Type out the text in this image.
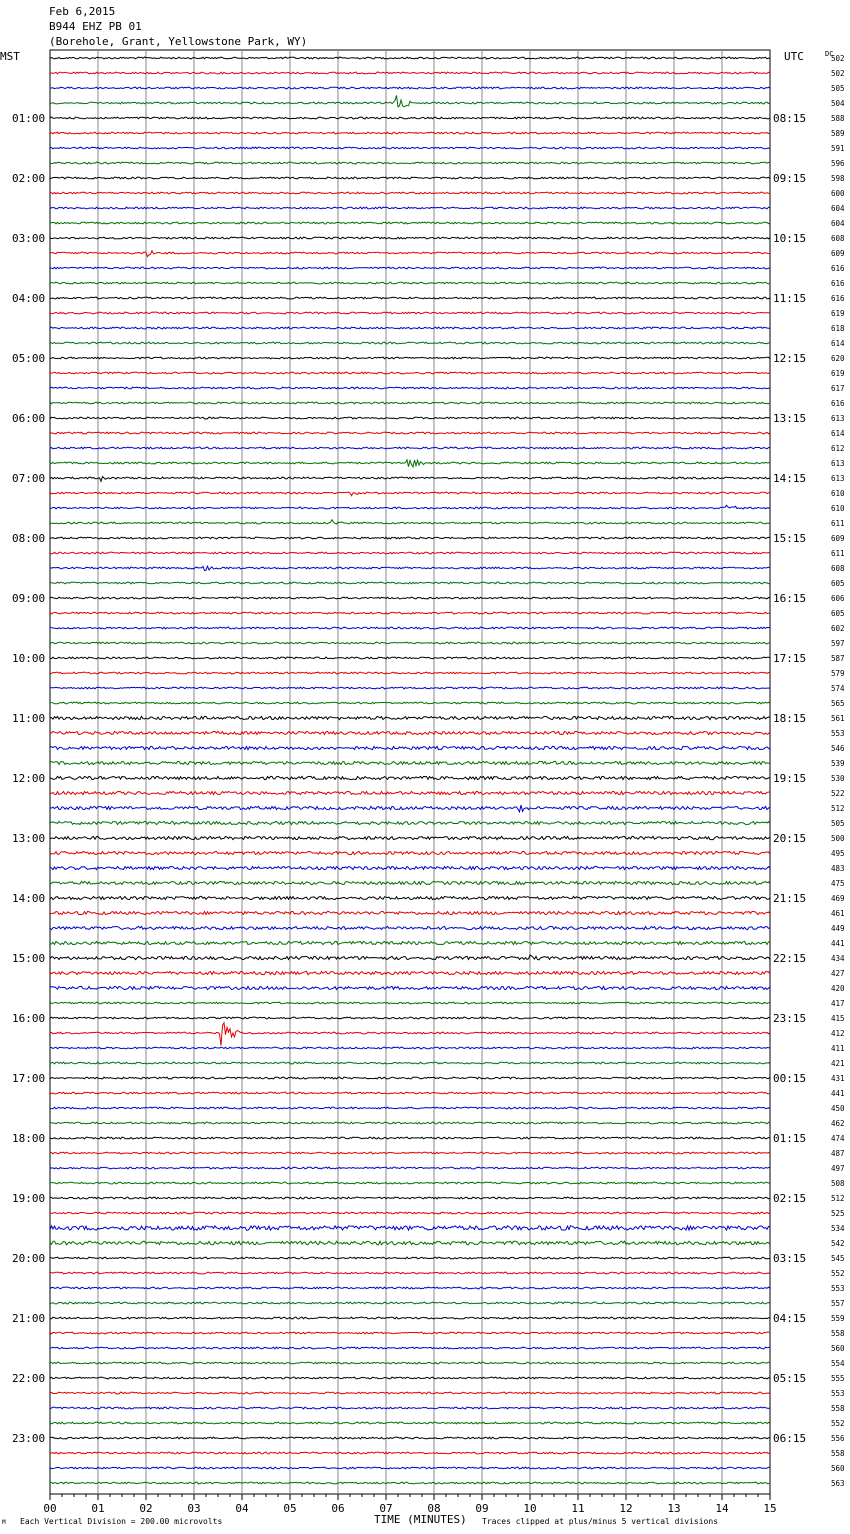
Feb 6,2015
B944 EHZ PB 01
(Borehole, Grant, Yellowstone Park, WY)
01:00
02:00
03:00
04:00
05:00
06:00
07:00
08:00
09:00
10:00
11:00
12:00
13:00
14:00
15:00
16:00
17:00
18:00
19:00
20:00
21:00
22:00
23:00
08:15
09:15
10:15
11:15
12:15
13:15
14:15
15:15
16:15
17:15
18:15
19:15
20:15
21:15
22:15
23:15
00:15
01:15
02:15
03:15
04:15
05:15
06:15
502
502
505
504
588
589
591
596
598
600
604
604
608
609
616
616
616
619
618
614
620
619
617
616
613
614
612
613
613
610
610
611
609
611
608
605
606
605
602
597
587
579
574
565
561
553
546
539
530
522
512
505
500
495
483
475
469
461
449
441
434
427
420
417
415
412
411
421
431
441
450
462
474
487
497
508
512
525
534
542
545
552
553
557
559
558
560
554
555
553
558
552
556
558
560
563
MST	UTC	DC
00	01	02	03	04	05	06	07	08	09	10	11	12	13	14	15
M Each Vertical Division = 200.00 microvolts	TIME (MINUTES) Traces clipped at plus/minus 5 vertical divisions
